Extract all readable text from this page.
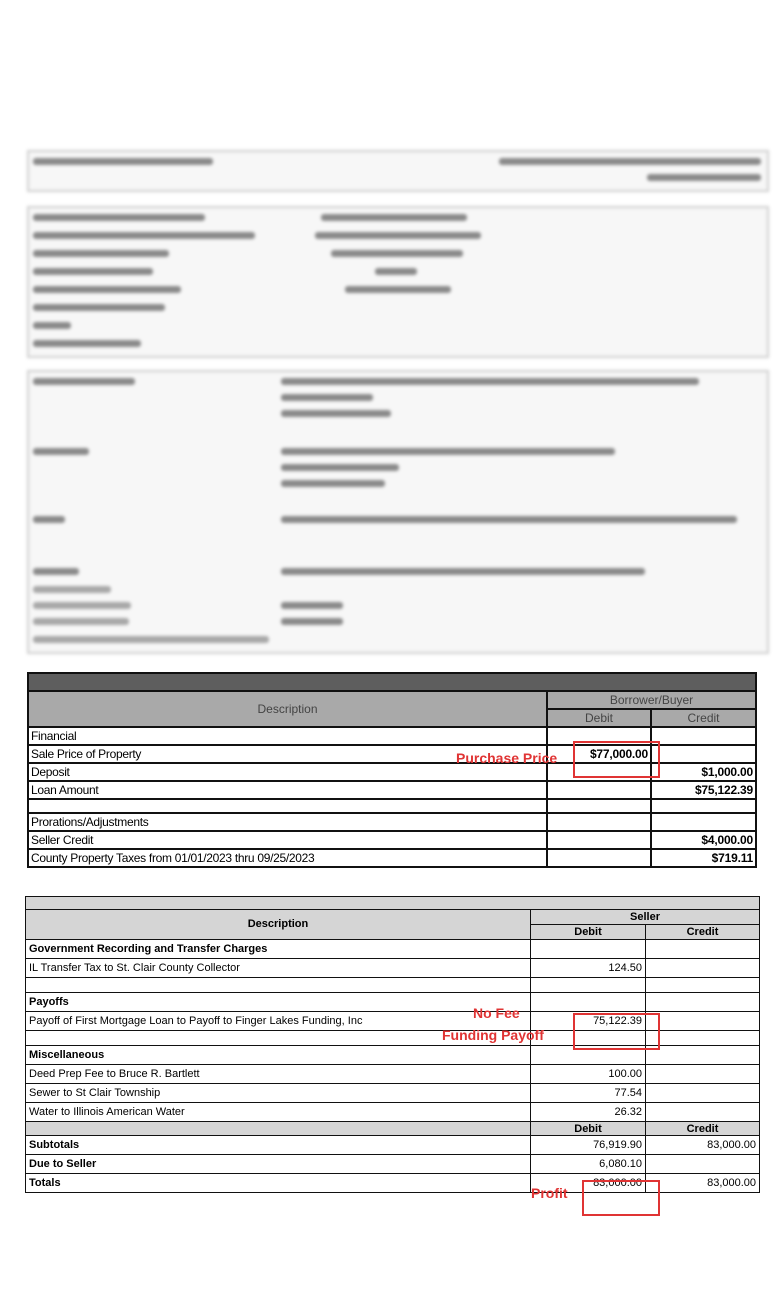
Description	Borrower/Buyer	
	Debit	Credit
Financial		
Sale Price of Property	$77,000.00	
Deposit		$1,000.00
Loan Amount		$75,122.39

Prorations/Adjustments		
Seller Credit		$4,000.00
County Property Taxes from 01/01/2023 thru 09/25/2023		$719.11

Description	Seller	
	Debit	Credit
Government Recording and Transfer Charges		
IL Transfer Tax to St. Clair County Collector	124.50	

Payoffs		
Payoff of First Mortgage Loan to Payoff to Finger Lakes Funding, Inc	75,122.39	

Miscellaneous		
Deed Prep Fee to Bruce R. Bartlett	100.00	
Sewer to St Clair Township	77.54	
Water to Illinois American Water	26.32	
	Debit	Credit
Subtotals	76,919.90	83,000.00
Due to Seller	6,080.10	
Totals	83,000.00	83,000.00
Purchase Price
No Fee
Funding Payoff
Profit
